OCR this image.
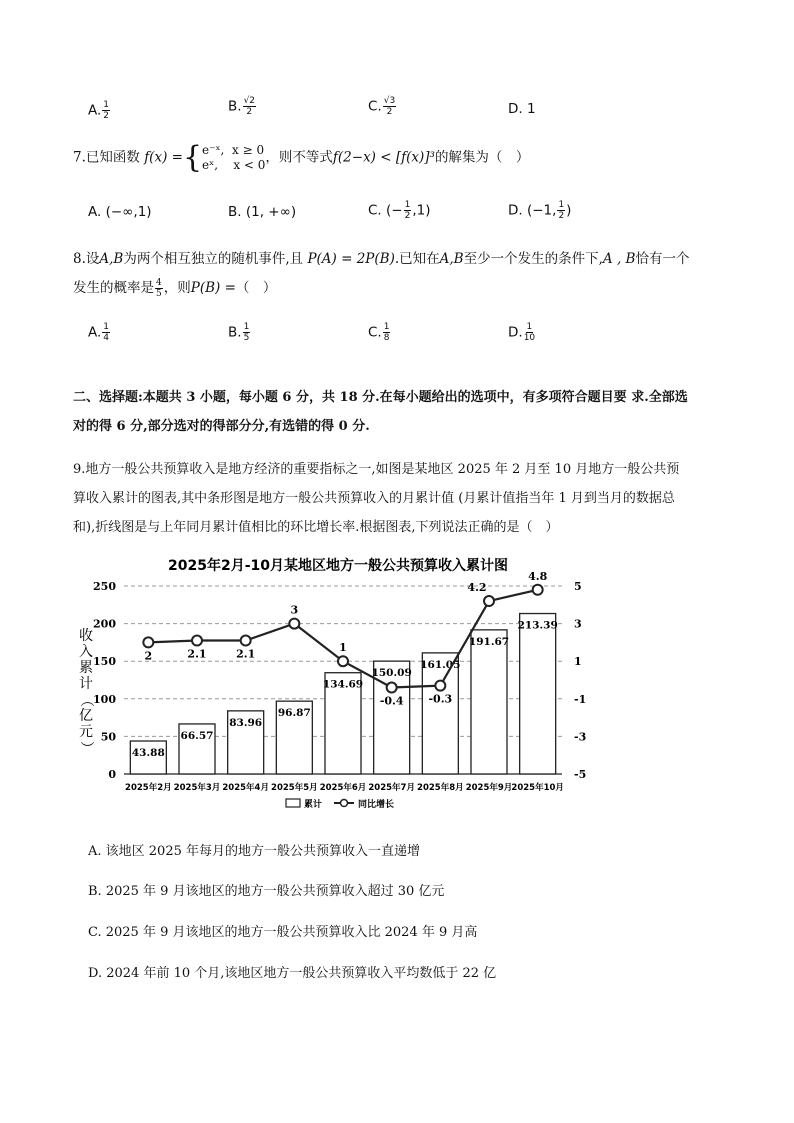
A. $\frac{1}{2}$	B. $\frac{√2}{2}$	C. $\frac{√3}{2}$	D. 1
7.已知函数 f(x) ={ e⁻ˣ, x ≥ 0
eˣ, x < 0 ，则不等式f(2−x) < [f(x)]³的解集为（　）
A. (−∞,1)	B. (1, +∞)	C. (− $\frac{1}{2} ,1$)	D. (−1, $\frac{1}{2}$ )
8.设A,B为两个相互独立的随机事件,且 P(A) = 2P(B).已知在A,B至少一个发生的条件下,A , B恰有一个
发生的概率是 $\frac{4}{5}$ ，则P(B) =（　）
A. $\frac{1}{4}$	B. $\frac{1}{5}$	C. $\frac{1}{8}$	D. $\frac{1}{10}$
二、选择题:本题共 3 小题，每小题 6 分，共 18 分.在每小题给出的选项中，有多项符合题目要 求.全部选
对的得 6 分,部分选对的得部分分,有选错的得 0 分.
9.地方一般公共预算收入是地方经济的重要指标之一,如图是某地区 2025 年 2 月至 10 月地方一般公共预
算收入累计的图表,其中条形图是地方一般公共预算收入的月累计值 (月累计值指当年 1 月到当月的数据总
和),折线图是与上年同月累计值相比的环比增长率.根据图表,下列说法正确的是（　）
2025年2月-10月某地区地方一般公共预算收入累计图
250
200
150
100
50
0
5
3
1
-1
-3
-5
43.88
66.57
83.96
96.87
134.69
150.09
161.05
191.67
213.39
2025年2月 2025年3月 2025年4月 2025年5月 2025年6月 2025年7月 2025年8月 2025年9月 2025年10月
2	2.1	2.1
3
1
-0.4 -0.3
4.2
4.8
收
入
累
计
（
亿
元
）
累计	同比增长
A. 该地区 2025 年每月的地方一般公共预算收入一直递增
B. 2025 年 9 月该地区的地方一般公共预算收入超过 30 亿元
C. 2025 年 9 月该地区的地方一般公共预算收入比 2024 年 9 月高
D. 2024 年前 10 个月,该地区地方一般公共预算收入平均数低于 22 亿
